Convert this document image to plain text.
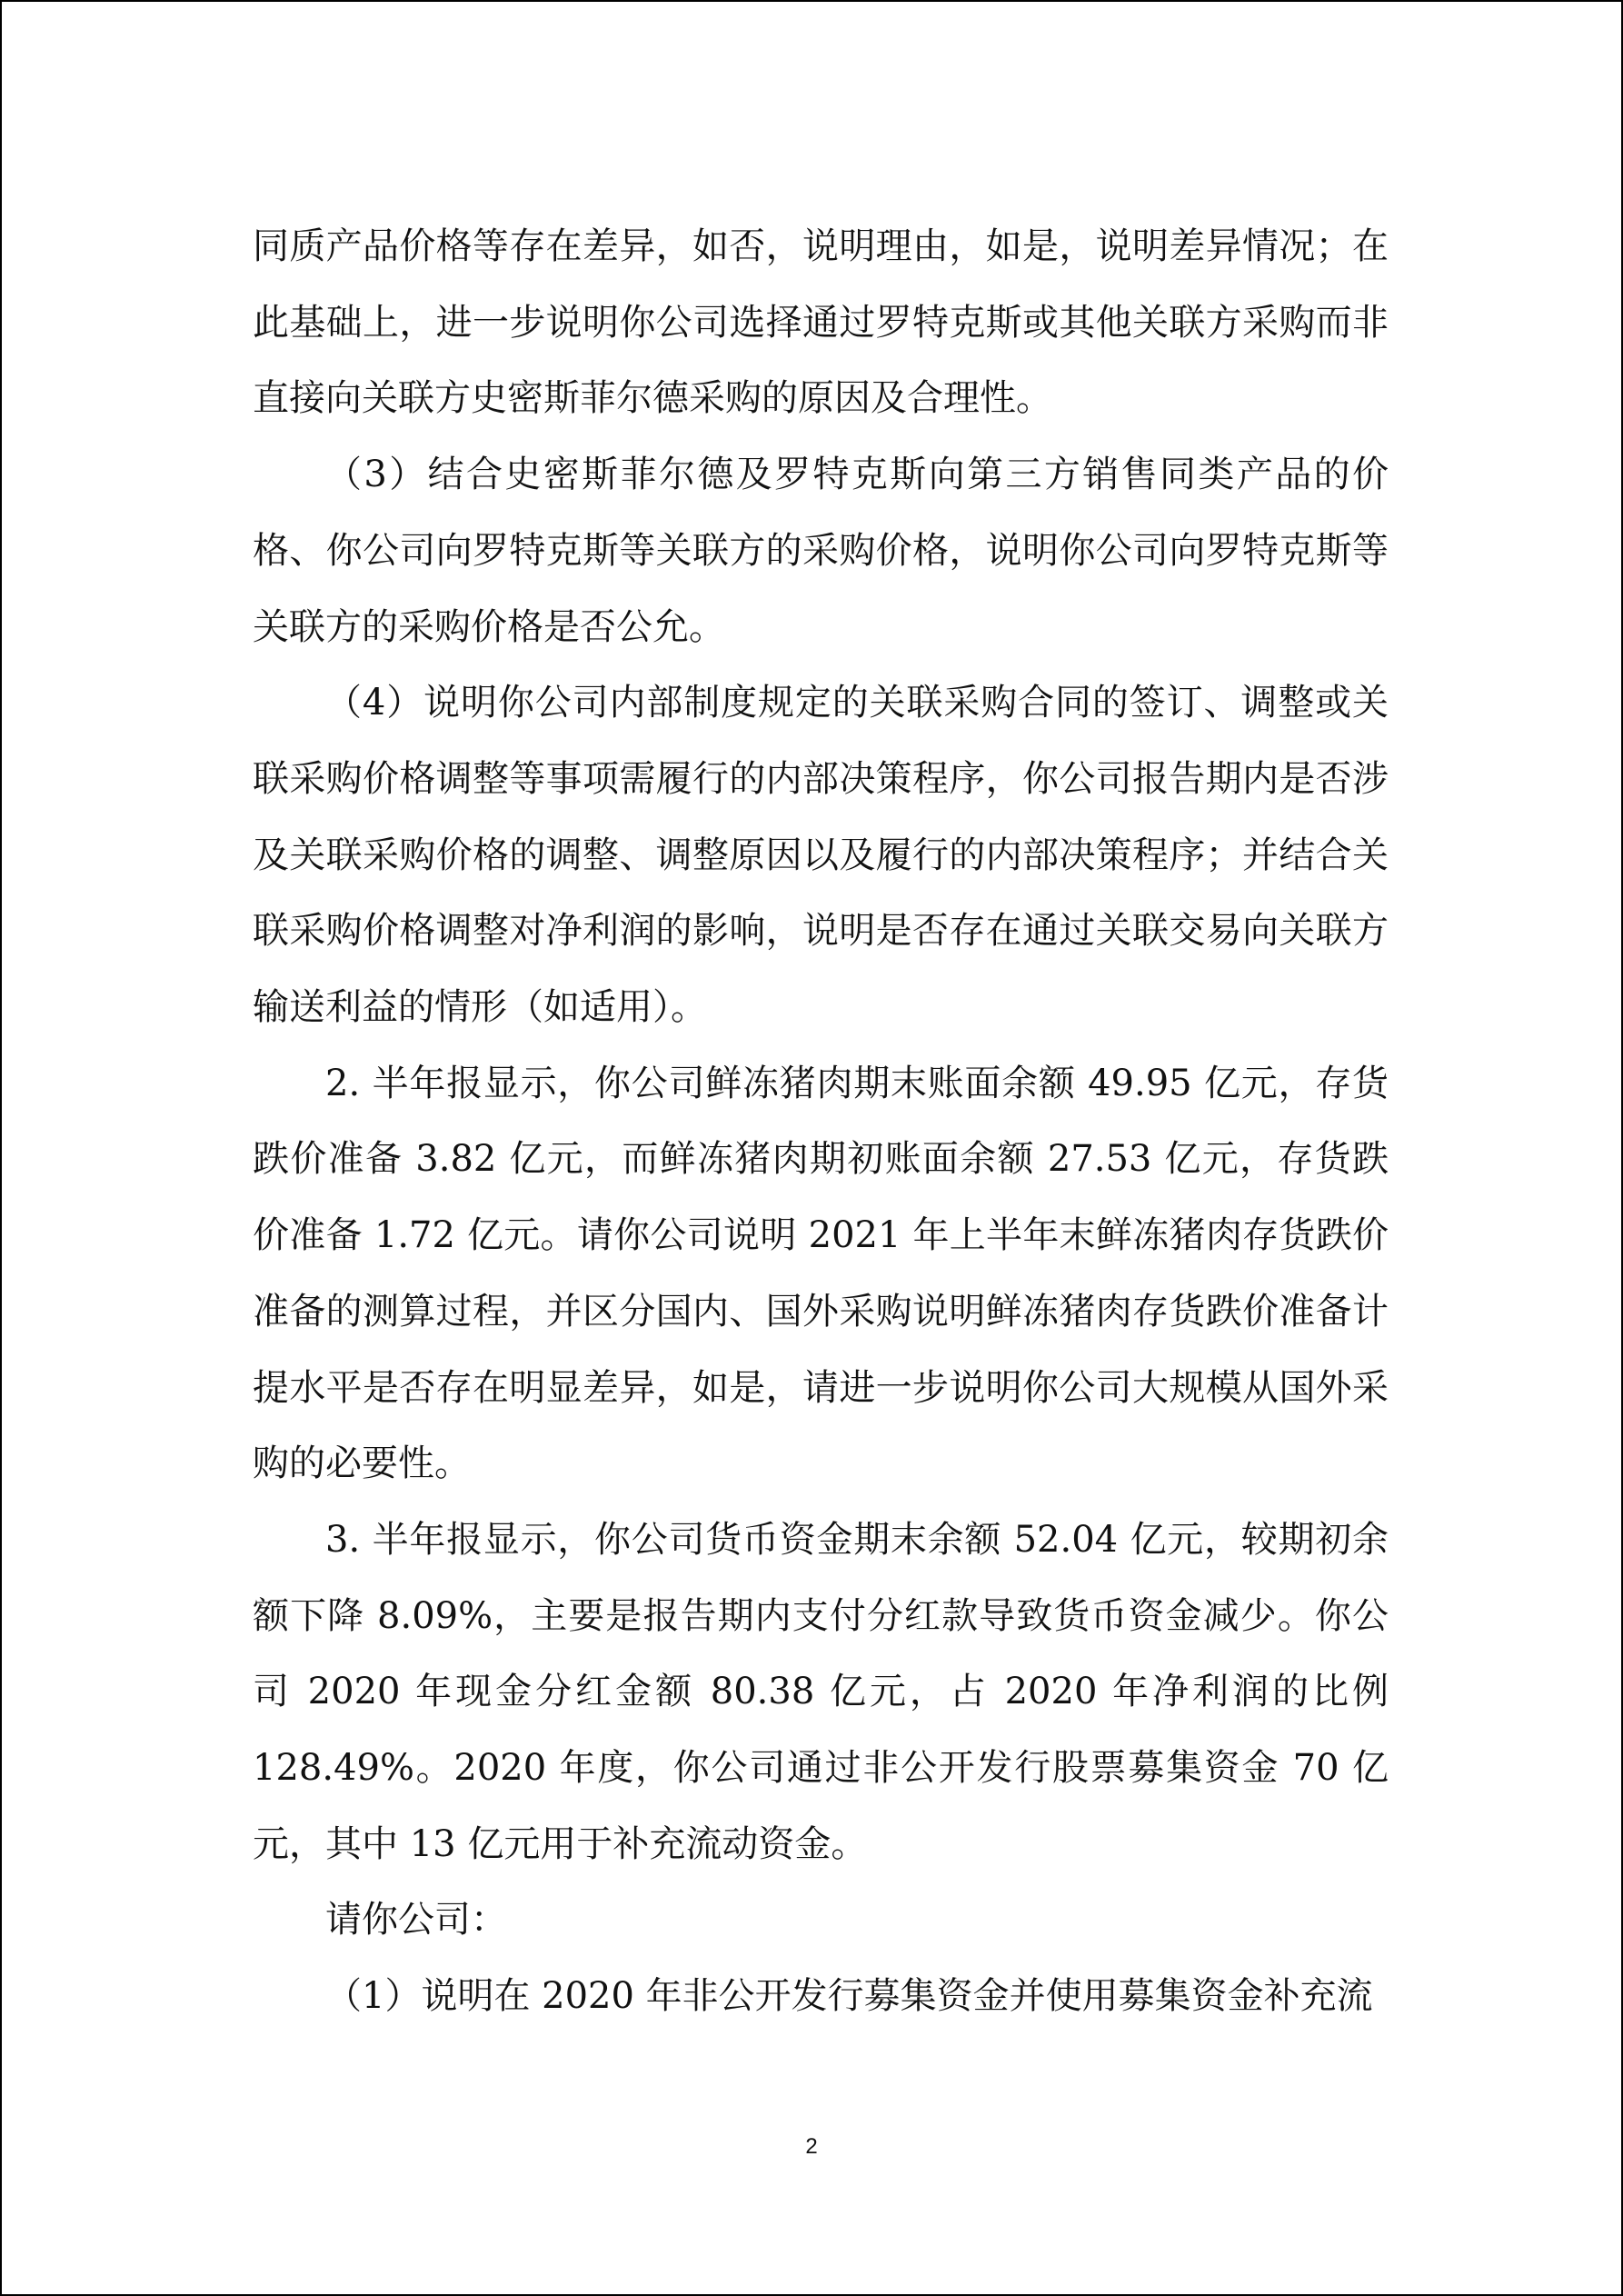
同质产品价格等存在差异，如否，说明理由，如是，说明差异情况；在此基础上，进一步说明你公司选择通过罗特克斯或其他关联方采购而非直接向关联方史密斯菲尔德采购的原因及合理性。

（3）结合史密斯菲尔德及罗特克斯向第三方销售同类产品的价格、你公司向罗特克斯等关联方的采购价格，说明你公司向罗特克斯等关联方的采购价格是否公允。

（4）说明你公司内部制度规定的关联采购合同的签订、调整或关联采购价格调整等事项需履行的内部决策程序，你公司报告期内是否涉及关联采购价格的调整、调整原因以及履行的内部决策程序；并结合关联采购价格调整对净利润的影响，说明是否存在通过关联交易向关联方输送利益的情形（如适用）。

2. 半年报显示，你公司鲜冻猪肉期末账面余额 49.95 亿元，存货跌价准备 3.82 亿元，而鲜冻猪肉期初账面余额 27.53 亿元，存货跌价准备 1.72 亿元。请你公司说明 2021 年上半年末鲜冻猪肉存货跌价准备的测算过程，并区分国内、国外采购说明鲜冻猪肉存货跌价准备计提水平是否存在明显差异，如是，请进一步说明你公司大规模从国外采购的必要性。

3. 半年报显示，你公司货币资金期末余额 52.04 亿元，较期初余额下降 8.09%，主要是报告期内支付分红款导致货币资金减少。你公司 2020 年现金分红金额 80.38 亿元，占 2020 年净利润的比例 128.49%。2020 年度，你公司通过非公开发行股票募集资金 70 亿元，其中 13 亿元用于补充流动资金。

请你公司：

（1）说明在 2020 年非公开发行募集资金并使用募集资金补充流

2
